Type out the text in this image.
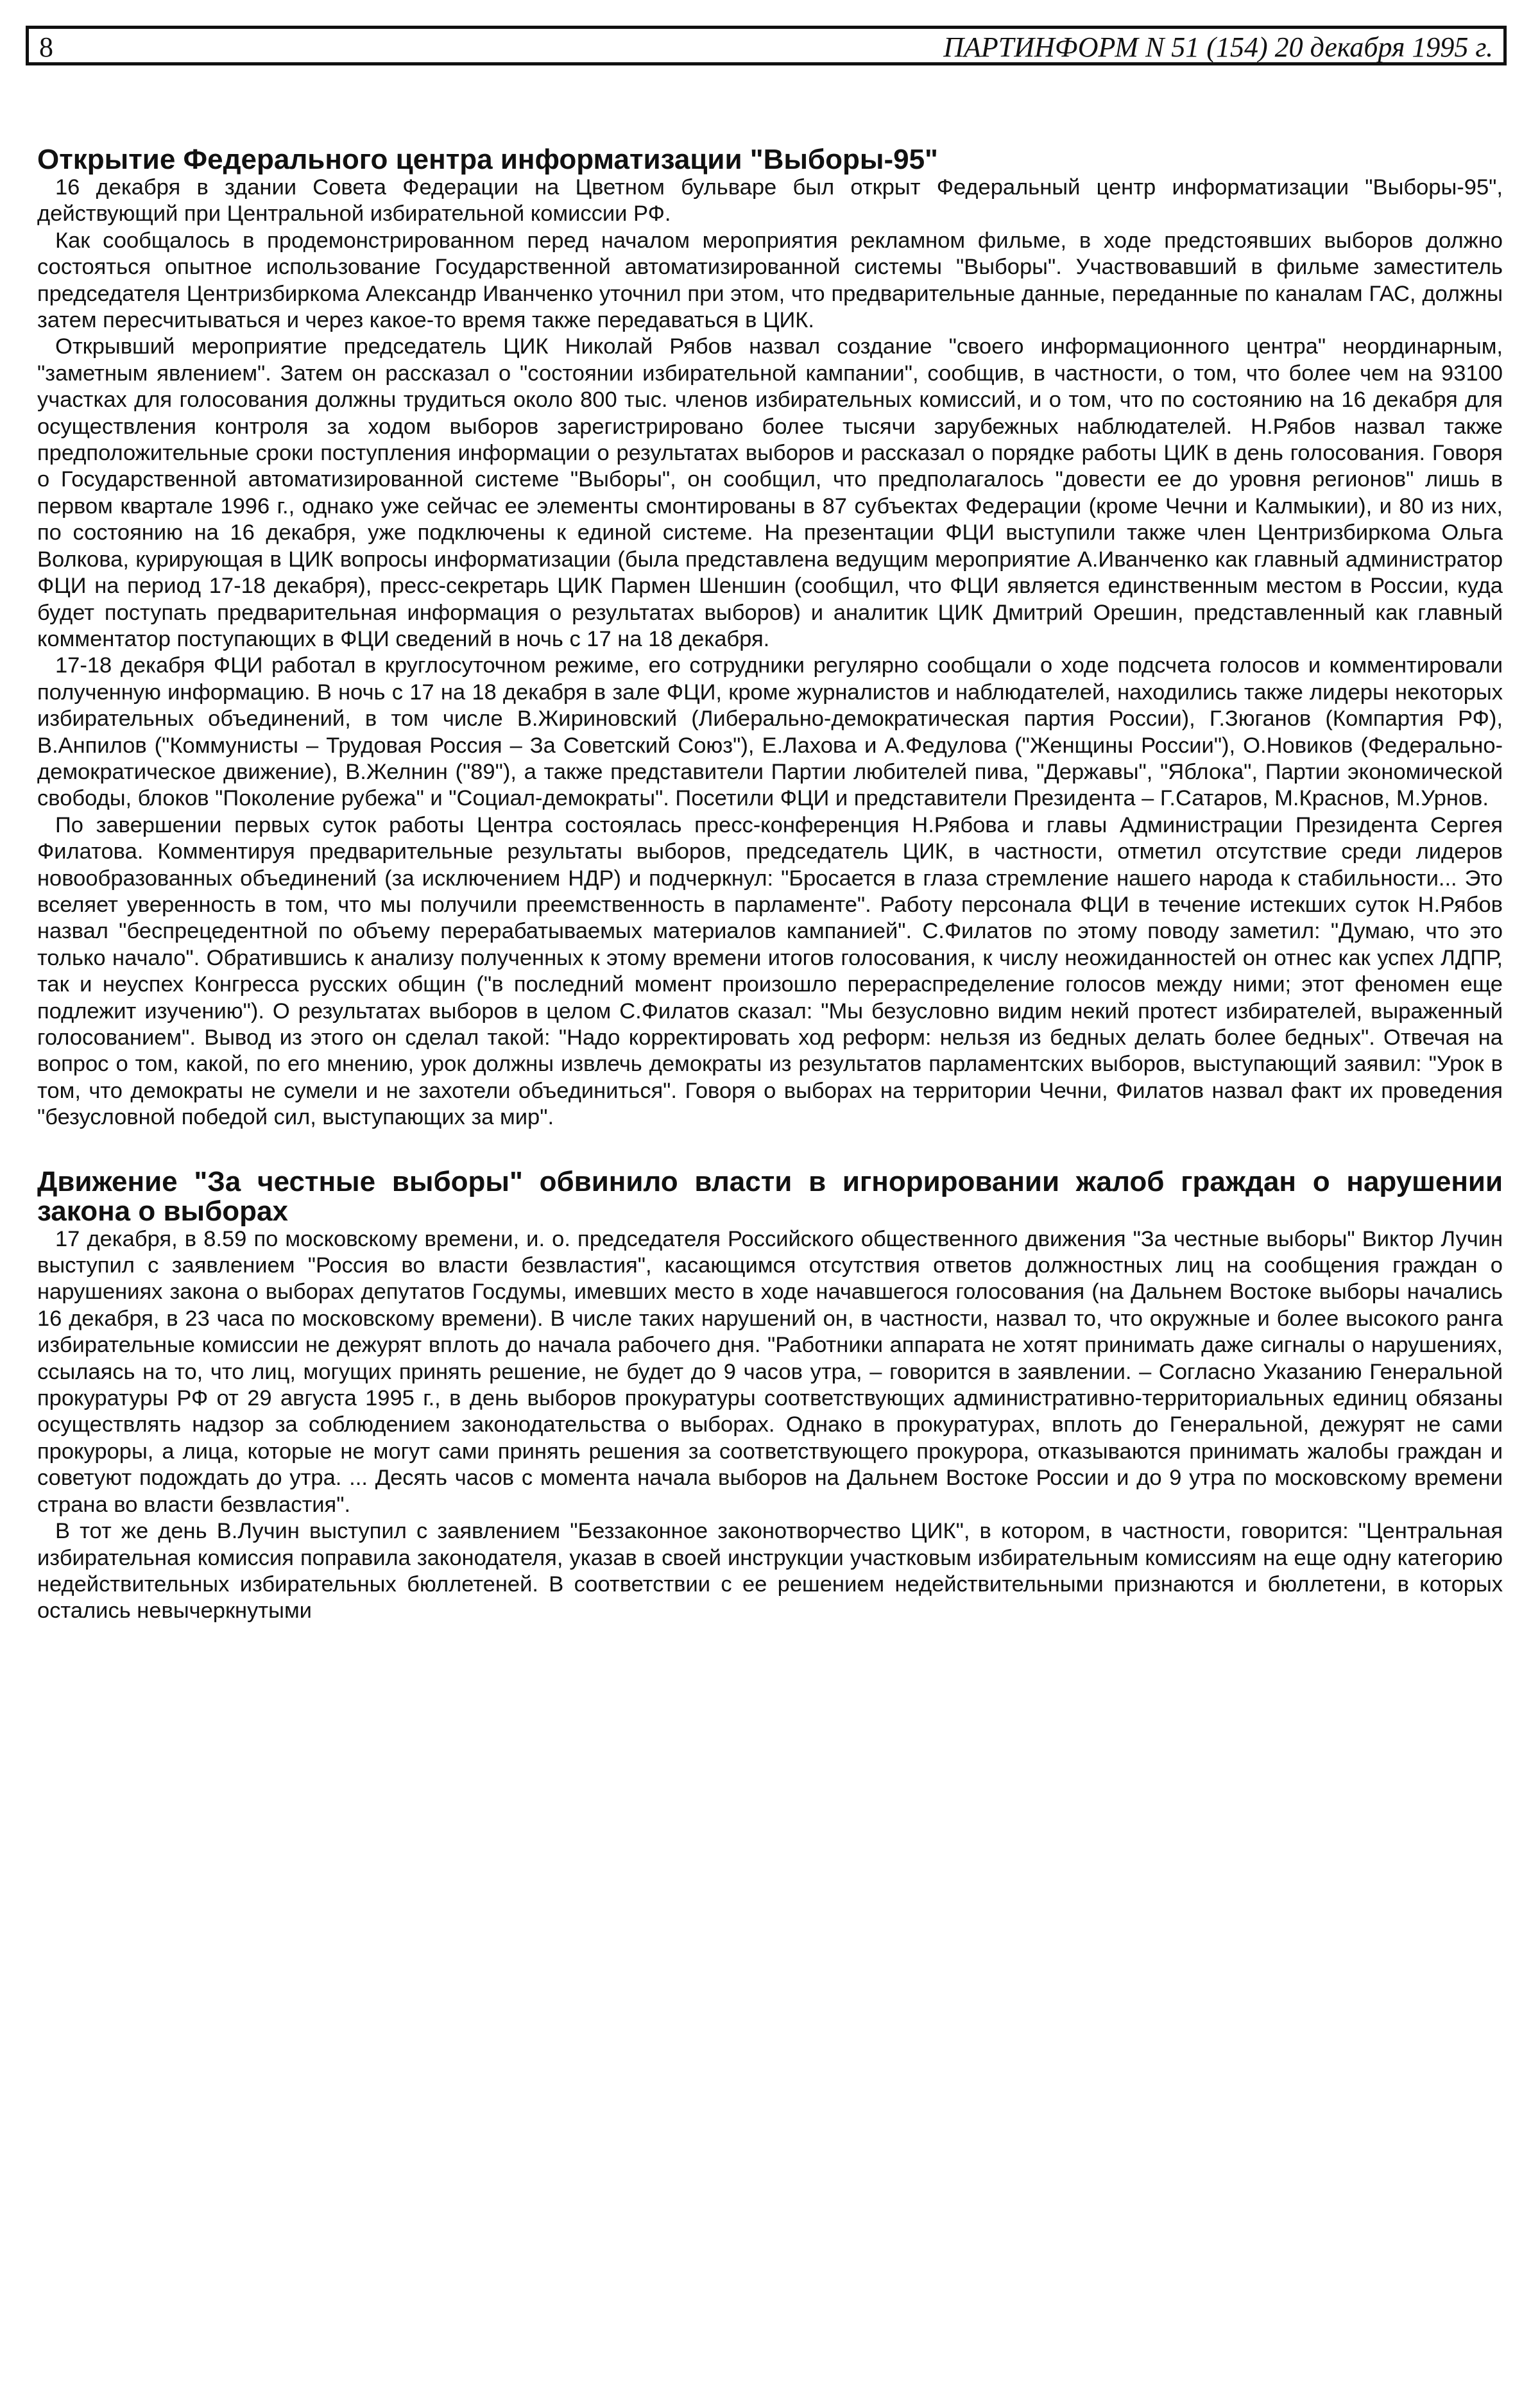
8	ПАРТИНФОРМ N 51 (154) 20 декабря 1995 г.
Открытие Федерального центра информатизации "Выборы-95"

16 декабря в здании Совета Федерации на Цветном бульваре был открыт Федеральный центр информатизации "Выборы-95", действующий при Центральной избирательной комиссии РФ.

Как сообщалось в продемонстрированном перед началом мероприятия рекламном фильме, в ходе предстоявших выборов должно состояться опытное использование Государственной автоматизированной системы "Выборы". Участвовавший в фильме заместитель председателя Центризбиркома Александр Иванченко уточнил при этом, что предварительные данные, переданные по каналам ГАС, должны затем пересчитываться и через какое-то время также передаваться в ЦИК.

Открывший мероприятие председатель ЦИК Николай Рябов назвал создание "своего информационного центра" неординарным, "заметным явлением". Затем он рассказал о "состоянии избирательной кампании", сообщив, в частности, о том, что более чем на 93100 участках для голосования должны трудиться около 800 тыс. членов избирательных комиссий, и о том, что по состоянию на 16 декабря для осуществления контроля за ходом выборов зарегистрировано более тысячи зарубежных наблюдателей. Н.Рябов назвал также предположительные сроки поступления информации о результатах выборов и рассказал о порядке работы ЦИК в день голосования. Говоря о Государственной автоматизированной системе "Выборы", он сообщил, что предполагалось "довести ее до уровня регионов" лишь в первом квартале 1996 г., однако уже сейчас ее элементы смонтированы в 87 субъектах Федерации (кроме Чечни и Калмыкии), и 80 из них, по состоянию на 16 декабря, уже подключены к единой системе. На презентации ФЦИ выступили также член Центризбиркома Ольга Волкова, курирующая в ЦИК вопросы информатизации (была представлена ведущим мероприятие А.Иванченко как главный администратор ФЦИ на период 17-18 декабря), пресс-секретарь ЦИК Пармен Шеншин (сообщил, что ФЦИ является единственным местом в России, куда будет поступать предварительная информация о результатах выборов) и аналитик ЦИК Дмитрий Орешин, представленный как главный комментатор поступающих в ФЦИ сведений в ночь с 17 на 18 декабря.

17-18 декабря ФЦИ работал в круглосуточном режиме, его сотрудники регулярно сообщали о ходе подсчета голосов и комментировали полученную информацию. В ночь с 17 на 18 декабря в зале ФЦИ, кроме журналистов и наблюдателей, находились также лидеры некоторых избирательных объединений, в том числе В.Жириновский (Либерально-демократическая партия России), Г.Зюганов (Компартия РФ), В.Анпилов ("Коммунисты – Трудовая Россия – За Советский Союз"), Е.Лахова и А.Федулова ("Женщины России"), О.Новиков (Федерально-демократическое движение), В.Желнин ("89"), а также представители Партии любителей пива, "Державы", "Яблока", Партии экономической свободы, блоков "Поколение рубежа" и "Социал-демократы". Посетили ФЦИ и представители Президента – Г.Сатаров, М.Краснов, М.Урнов.

По завершении первых суток работы Центра состоялась пресс-конференция Н.Рябова и главы Администрации Президента Сергея Филатова. Комментируя предварительные результаты выборов, председатель ЦИК, в частности, отметил отсутствие среди лидеров новообразованных объединений (за исключением НДР) и подчеркнул: "Бросается в глаза стремление нашего народа к стабильности... Это вселяет уверенность в том, что мы получили преемственность в парламенте". Работу персонала ФЦИ в течение истекших суток Н.Рябов назвал "беспрецедентной по объему перерабатываемых материалов кампанией". С.Филатов по этому поводу заметил: "Думаю, что это только начало". Обратившись к анализу полученных к этому времени итогов голосования, к числу неожиданностей он отнес как успех ЛДПР, так и неуспех Конгресса русских общин ("в последний момент произошло перераспределение голосов между ними; этот феномен еще подлежит изучению"). О результатах выборов в целом С.Филатов сказал: "Мы безусловно видим некий протест избирателей, выраженный голосованием". Вывод из этого он сделал такой: "Надо корректировать ход реформ: нельзя из бедных делать более бедных". Отвечая на вопрос о том, какой, по его мнению, урок должны извлечь демократы из результатов парламентских выборов, выступающий заявил: "Урок в том, что демократы не сумели и не захотели объединиться". Говоря о выборах на территории Чечни, Филатов назвал факт их проведения "безусловной победой сил, выступающих за мир".

Движение "За честные выборы" обвинило власти в игнорировании жалоб граждан о нарушении закона о выборах

17 декабря, в 8.59 по московскому времени, и. о. председателя Российского общественного движения "За честные выборы" Виктор Лучин выступил с заявлением "Россия во власти безвластия", касающимся отсутствия ответов должностных лиц на сообщения граждан о нарушениях закона о выборах депутатов Госдумы, имевших место в ходе начавшегося голосования (на Дальнем Востоке выборы начались 16 декабря, в 23 часа по московскому времени). В числе таких нарушений он, в частности, назвал то, что окружные и более высокого ранга избирательные комиссии не дежурят вплоть до начала рабочего дня. "Работники аппарата не хотят принимать даже сигналы о нарушениях, ссылаясь на то, что лиц, могущих принять решение, не будет до 9 часов утра, – говорится в заявлении. – Согласно Указанию Генеральной прокуратуры РФ от 29 августа 1995 г., в день выборов прокуратуры соответствующих административно-территориальных единиц обязаны осуществлять надзор за соблюдением законодательства о выборах. Однако в прокуратурах, вплоть до Генеральной, дежурят не сами прокуроры, а лица, которые не могут сами принять решения за соответствующего прокурора, отказываются принимать жалобы граждан и советуют подождать до утра. ... Десять часов с момента начала выборов на Дальнем Востоке России и до 9 утра по московскому времени страна во власти безвластия".

В тот же день В.Лучин выступил с заявлением "Беззаконное законотворчество ЦИК", в котором, в частности, говорится: "Центральная избирательная комиссия поправила законодателя, указав в своей инструкции участковым избирательным комиссиям на еще одну категорию недействительных избирательных бюллетеней. В соответствии с ее решением недействительными признаются и бюллетени, в которых остались невычеркнутыми
